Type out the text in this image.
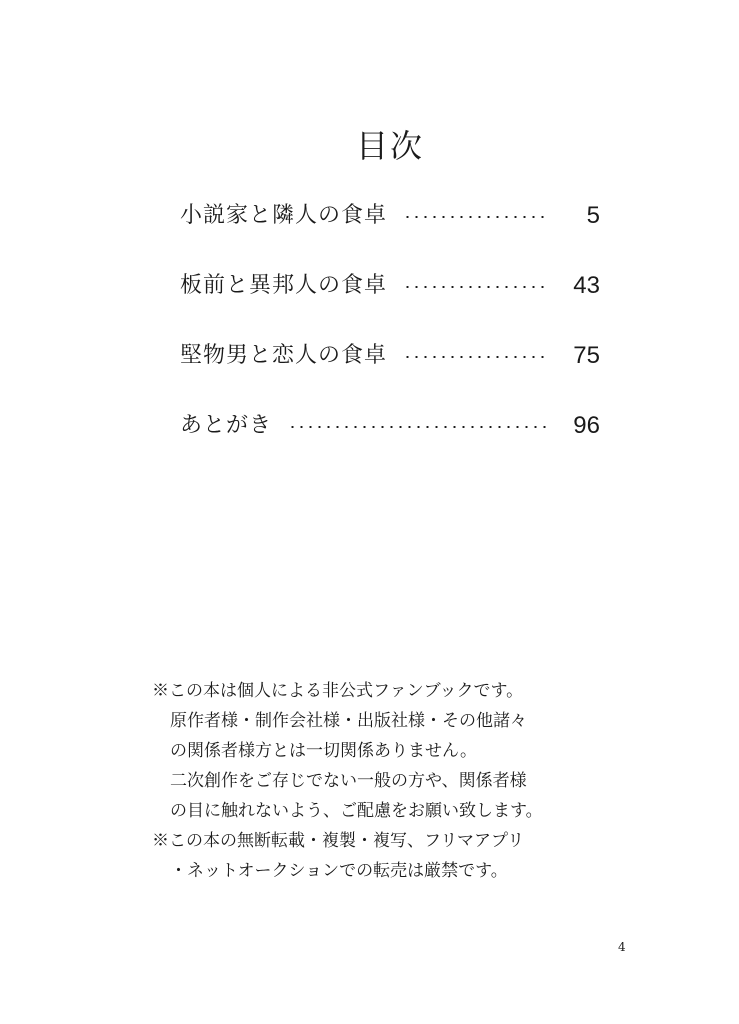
目次
小説家と隣人の食卓	5
板前と異邦人の食卓	43
堅物男と恋人の食卓	75
あとがき	96

※この本は個人による非公式ファンブックです。

原作者様・制作会社様・出版社様・その他諸々

の関係者様方とは一切関係ありません。

二次創作をご存じでない一般の方や、関係者様

の目に触れないよう、ご配慮をお願い致します。

※この本の無断転載・複製・複写、フリマアプリ

・ネットオークションでの転売は厳禁です。

4
